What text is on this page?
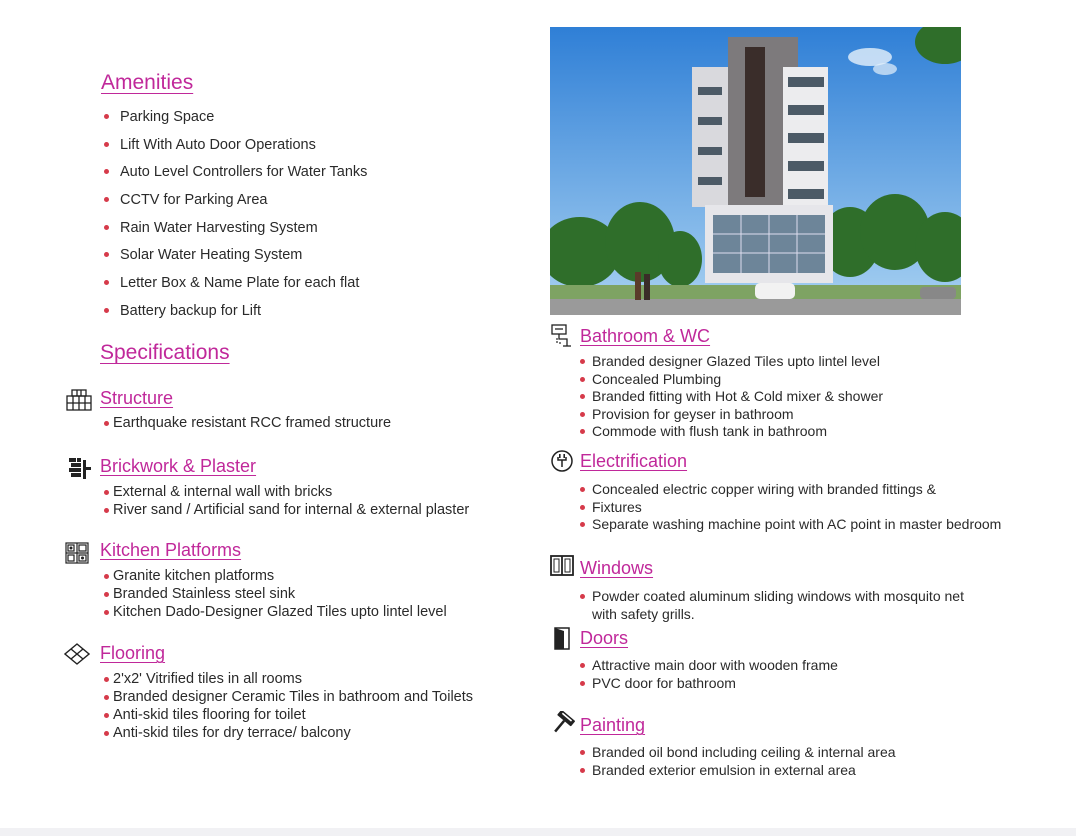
Amenities
Parking Space
Lift With Auto Door Operations
Auto Level Controllers for Water Tanks
CCTV for Parking Area
Rain Water Harvesting System
Solar Water Heating System
Letter Box & Name Plate for each flat
Battery backup for Lift
Specifications
Structure
Earthquake resistant RCC framed structure
Brickwork & Plaster
External & internal wall with bricks
River sand / Artificial sand for internal & external plaster
Kitchen Platforms
Granite kitchen platforms
Branded Stainless steel sink
Kitchen Dado-Designer Glazed Tiles upto lintel level
Flooring
2'x2' Vitrified tiles in all rooms
Branded designer Ceramic Tiles in bathroom and Toilets
Anti-skid tiles flooring for toilet
Anti-skid tiles for dry terrace/ balcony
Bathroom & WC
Branded designer Glazed Tiles upto lintel level
Concealed Plumbing
Branded fitting with Hot & Cold mixer & shower
Provision for geyser in bathroom
Commode with flush tank in bathroom
Electrification
Concealed electric copper wiring with branded fittings &
Fixtures
Separate washing machine point with AC point in master bedroom
Windows
Powder coated aluminum sliding windows with mosquito net
with safety grills.
Doors
Attractive main door with wooden frame
PVC door for bathroom
Painting
Branded oil bond including ceiling & internal area
Branded exterior emulsion in external area
